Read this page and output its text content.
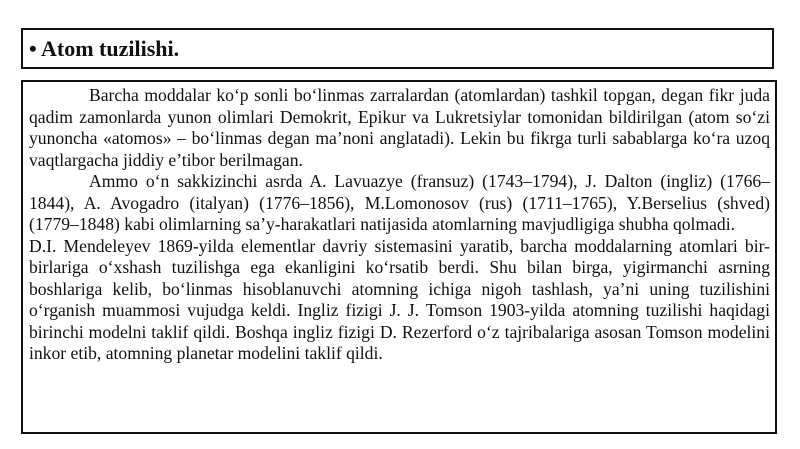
• Atom tuzilishi.

Barcha moddalar ko‘p sonli bo‘linmas zarralardan (atomlardan) tashkil topgan, degan fikr juda qadim zamonlarda yunon olimlari Demokrit, Epikur va Lukretsiylar tomonidan bildirilgan (atom so‘zi yunoncha «atomos» – bo‘linmas degan ma’noni anglatadi). Lekin bu fikrga turli sabablarga ko‘ra uzoq vaqtlargacha jiddiy e’tibor berilmagan.

Ammo o‘n sakkizinchi asrda A. Lavuazye (fransuz) (1743–1794), J. Dalton (ingliz) (1766–1844), A. Avogadro (italyan) (1776–1856), M.Lomonosov (rus) (1711–1765), Y.Berselius (shved) (1779–1848) kabi olimlarning sa’y-harakatlari natijasida atomlarning mavjudligiga shubha qolmadi.

D.I. Mendeleyev 1869-yilda elementlar davriy sistemasini yaratib, barcha moddalarning atomlari bir-birlariga o‘xshash tuzilishga ega ekanligini ko‘rsatib berdi. Shu bilan birga, yigirmanchi asrning boshlariga kelib, bo‘linmas hisoblanuvchi atomning ichiga nigoh tashlash, ya’ni uning tuzilishini o‘rganish muammosi vujudga keldi. Ingliz fizigi J. J. Tomson 1903-yilda atomning tuzilishi haqidagi birinchi modelni taklif qildi. Boshqa ingliz fizigi D. Rezerford o‘z tajribalariga asosan Tomson modelini inkor etib, atomning planetar modelini taklif qildi.
